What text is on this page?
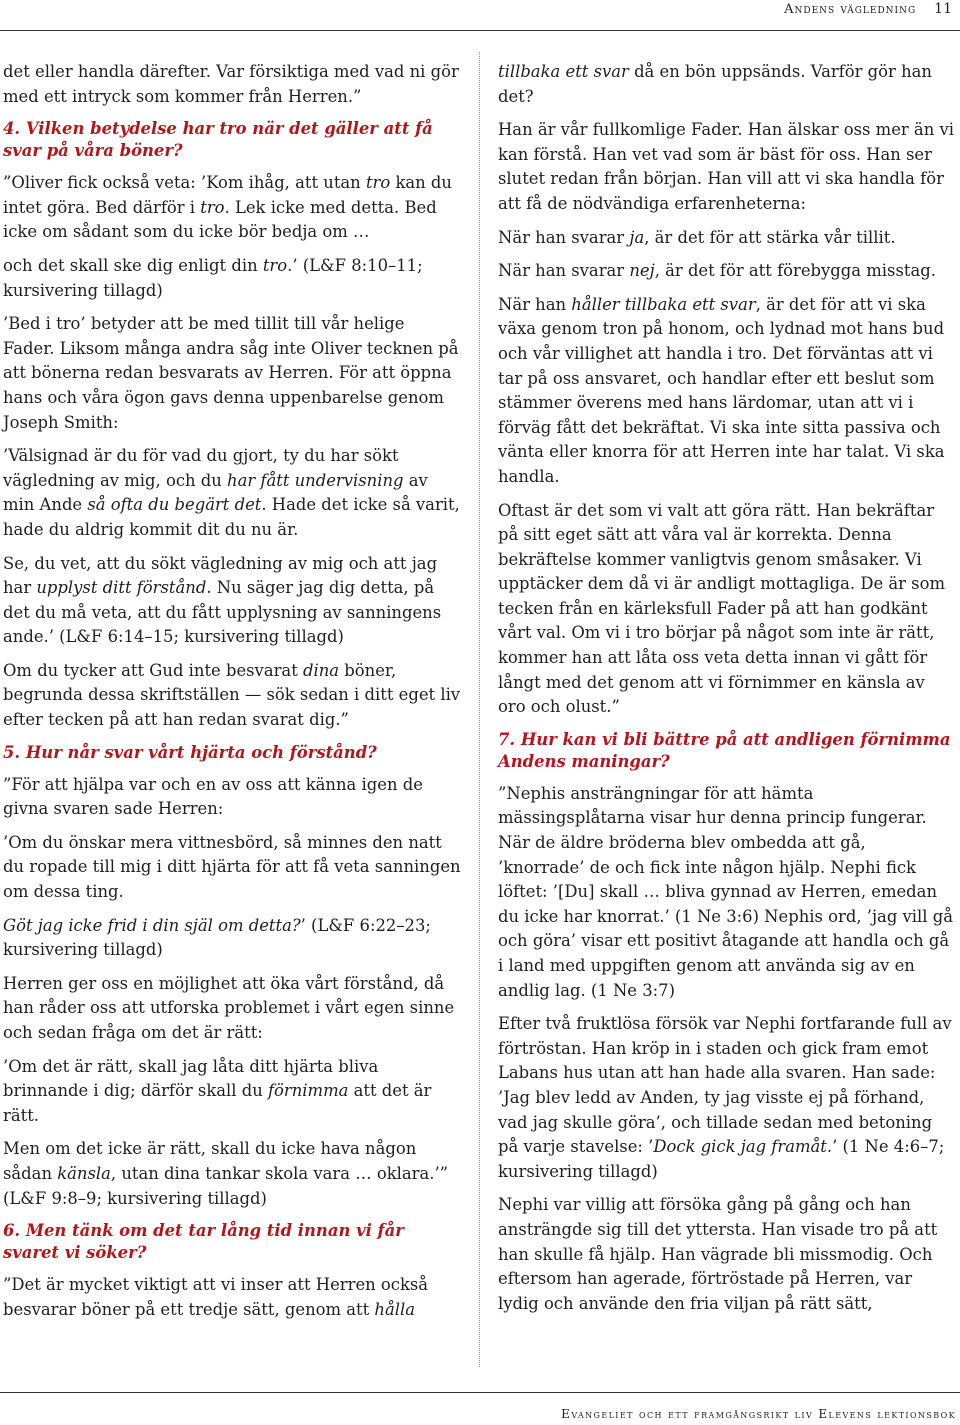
Andens vägledning 11

det eller handla därefter. Var försiktiga med vad ni gör med ett intryck som kommer från Herren.”

4. Vilken betydelse har tro när det gäller att få svar på våra böner?

”Oliver fick också veta: ’Kom ihåg, att utan tro kan du intet göra. Bed därför i tro. Lek icke med detta. Bed icke om sådant som du icke bör bedja om …

och det skall ske dig enligt din tro.’ (L&F 8:10–11; kursivering tillagd)

’Bed i tro’ betyder att be med tillit till vår helige Fader. Liksom många andra såg inte Oliver tecknen på att bönerna redan besvarats av Herren. För att öppna hans och våra ögon gavs denna uppenbarelse genom Joseph Smith:

’Välsignad är du för vad du gjort, ty du har sökt vägledning av mig, och du har fått undervisning av min Ande så ofta du begärt det. Hade det icke så varit, hade du aldrig kommit dit du nu är.

Se, du vet, att du sökt vägledning av mig och att jag har upplyst ditt förstånd. Nu säger jag dig detta, på det du må veta, att du fått upplysning av sanningens ande.’ (L&F 6:14–15; kursivering tillagd)

Om du tycker att Gud inte besvarat dina böner, begrunda dessa skriftställen — sök sedan i ditt eget liv efter tecken på att han redan svarat dig.”

5. Hur når svar vårt hjärta och förstånd?

”För att hjälpa var och en av oss att känna igen de givna svaren sade Herren:

’Om du önskar mera vittnesbörd, så minnes den natt du ropade till mig i ditt hjärta för att få veta sanningen om dessa ting.

Göt jag icke frid i din själ om detta?’ (L&F 6:22–23; kursivering tillagd)

Herren ger oss en möjlighet att öka vårt förstånd, då han råder oss att utforska problemet i vårt egen sinne och sedan fråga om det är rätt:

’Om det är rätt, skall jag låta ditt hjärta bliva brinnande i dig; därför skall du förnimma att det är rätt.

Men om det icke är rätt, skall du icke hava någon sådan känsla, utan dina tankar skola vara … oklara.’” (L&F 9:8–9; kursivering tillagd)

6. Men tänk om det tar lång tid innan vi får svaret vi söker?

”Det är mycket viktigt att vi inser att Herren också besvarar böner på ett tredje sätt, genom att hålla

tillbaka ett svar då en bön uppsänds. Varför gör han det?

Han är vår fullkomlige Fader. Han älskar oss mer än vi kan förstå. Han vet vad som är bäst för oss. Han ser slutet redan från början. Han vill att vi ska handla för att få de nödvändiga erfarenheterna:

När han svarar ja, är det för att stärka vår tillit.

När han svarar nej, är det för att förebygga misstag.

När han håller tillbaka ett svar, är det för att vi ska växa genom tron på honom, och lydnad mot hans bud och vår villighet att handla i tro. Det förväntas att vi tar på oss ansvaret, och handlar efter ett beslut som stämmer överens med hans lärdomar, utan att vi i förväg fått det bekräftat. Vi ska inte sitta passiva och vänta eller knorra för att Herren inte har talat. Vi ska handla.

Oftast är det som vi valt att göra rätt. Han bekräftar på sitt eget sätt att våra val är korrekta. Denna bekräftelse kommer vanligtvis genom småsaker. Vi upptäcker dem då vi är andligt mottagliga. De är som tecken från en kärleksfull Fader på att han godkänt vårt val. Om vi i tro börjar på något som inte är rätt, kommer han att låta oss veta detta innan vi gått för långt med det genom att vi förnimmer en känsla av oro och olust.”

7. Hur kan vi bli bättre på att andligen förnimma Andens maningar?

”Nephis ansträngningar för att hämta mässingsplåtarna visar hur denna princip fungerar. När de äldre bröderna blev ombedda att gå, ’knorrade’ de och fick inte någon hjälp. Nephi fick löftet: ’[Du] skall … bliva gynnad av Herren, emedan du icke har knorrat.’ (1 Ne 3:6) Nephis ord, ’jag vill gå och göra’ visar ett positivt åtagande att handla och gå i land med uppgiften genom att använda sig av en andlig lag. (1 Ne 3:7)

Efter två fruktlösa försök var Nephi fortfarande full av förtröstan. Han kröp in i staden och gick fram emot Labans hus utan att han hade alla svaren. Han sade: ’Jag blev ledd av Anden, ty jag visste ej på förhand, vad jag skulle göra’, och tillade sedan med betoning på varje stavelse: ’Dock gick jag framåt.’ (1 Ne 4:6–7; kursivering tillagd)

Nephi var villig att försöka gång på gång och han ansträngde sig till det yttersta. Han visade tro på att han skulle få hjälp. Han vägrade bli missmodig. Och eftersom han agerade, förtröstade på Herren, var lydig och använde den fria viljan på rätt sätt,

Evangeliet och ett framgångsrikt liv Elevens lektionsbok
